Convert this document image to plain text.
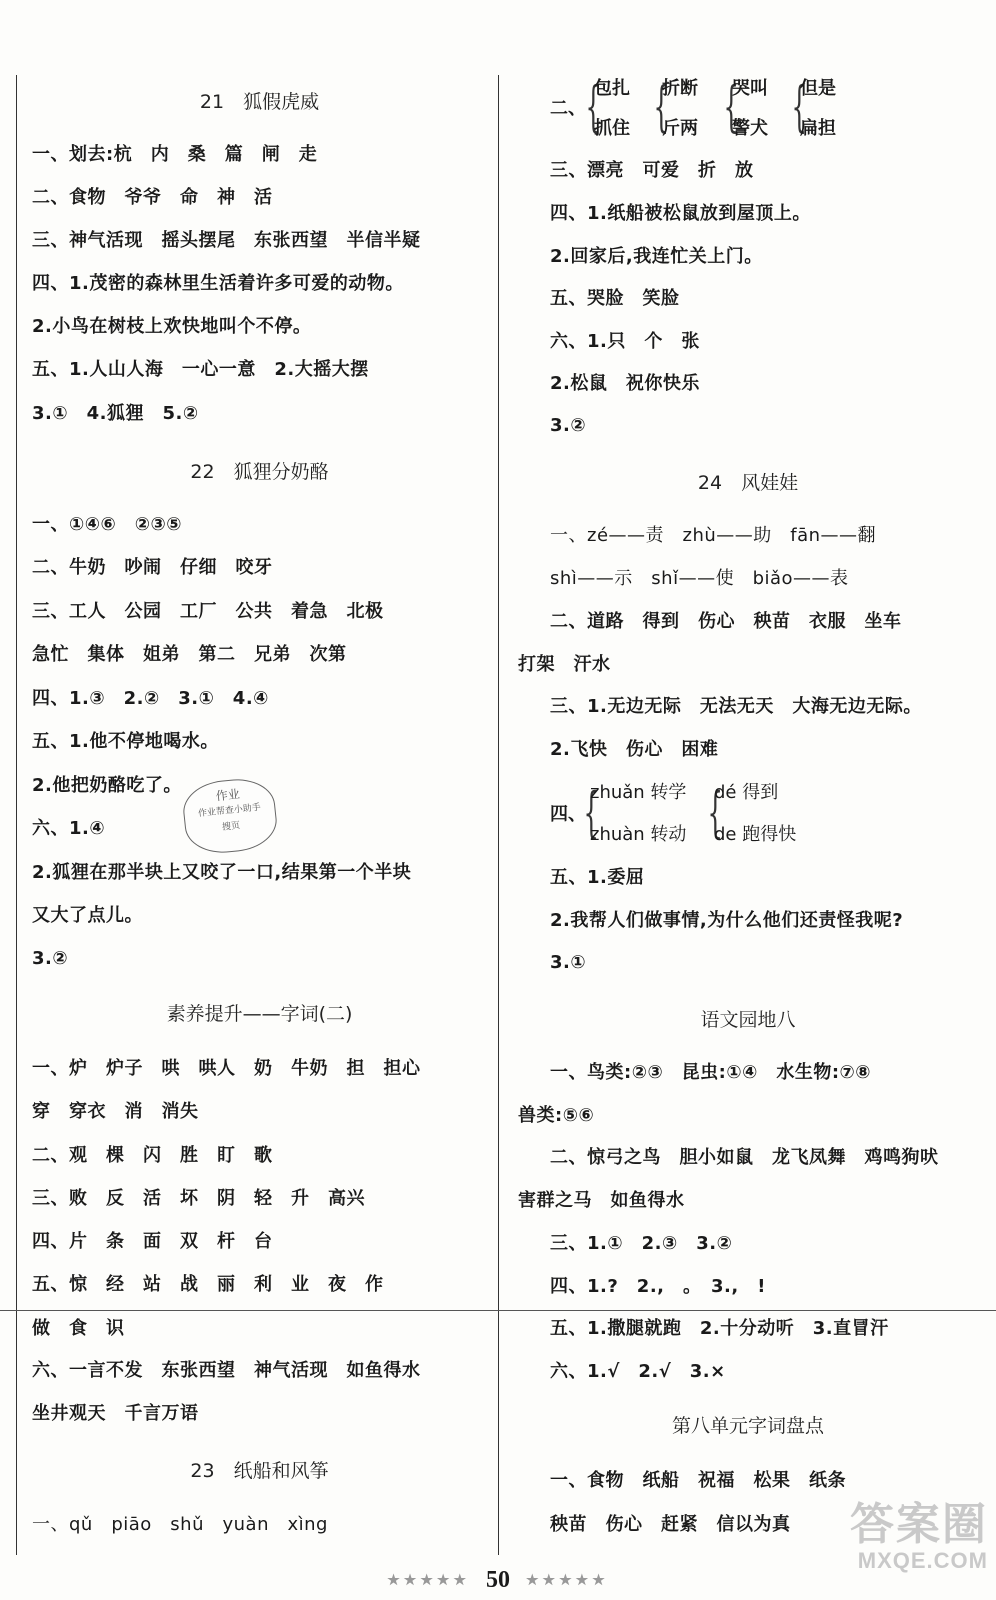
21　狐假虎威
一、划去:杭　内　桑　篇　闸　走
二、食物　爷爷　命　神　活
三、神气活现　摇头摆尾　东张西望　半信半疑
四、1.茂密的森林里生活着许多可爱的动物。
2.小鸟在树枝上欢快地叫个不停。
五、1.人山人海　一心一意　2.大摇大摆
3.①　4.狐狸　5.②
22　狐狸分奶酪
一、①④⑥　②③⑤
二、牛奶　吵闹　仔细　咬牙
三、工人　公园　工厂　公共　着急　北极
急忙　集体　姐弟　第二　兄弟　次第
四、1.③　2.②　3.①　4.④
五、1.他不停地喝水。
2.他把奶酪吃了。
六、1.④
2.狐狸在那半块上又咬了一口,结果第一个半块
又大了点儿。
3.②
素养提升——字词(二)
一、炉　炉子　哄　哄人　奶　牛奶　担　担心
穿　穿衣　消　消失
二、观　棵　闪　胜　盯　歌
三、败　反　活　坏　阴　轻　升　高兴
四、片　条　面　双　杆　台
五、惊　经　站　战　丽　利　业　夜　作
做　食　识
六、一言不发　东张西望　神气活现　如鱼得水
坐井观天　千言万语
23　纸船和风筝
一、qǔ　piāo　shǔ　yuàn　xìng
作业
作业帮查小助手
搜页
二、 {
包扎
抓住 {
折断
斤两 {
哭叫
警犬 {
但是
扁担
三、漂亮　可爱　折　放
四、1.纸船被松鼠放到屋顶上。
2.回家后,我连忙关上门。
五、哭脸　笑脸
六、1.只　个　张
2.松鼠　祝你快乐
3.②
24　风娃娃
一、zé——责　zhù——助　fān——翻
shì——示　shǐ——使　biǎo——表
二、道路　得到　伤心　秧苗　衣服　坐车
打架　汗水
三、1.无边无际　无法无天　大海无边无际。
2.飞快　伤心　困难
四、
{
zhuǎn 转学
zhuàn 转动 {
dé 得到
de 跑得快
五、1.委屈
2.我帮人们做事情,为什么他们还责怪我呢?
3.①
语文园地八
一、鸟类:②③　昆虫:①④　水生物:⑦⑧
兽类:⑤⑥
二、惊弓之鸟　胆小如鼠　龙飞凤舞　鸡鸣狗吠
害群之马　如鱼得水
三、1.①　2.③　3.②
四、1.?　2.,　。　3.,　!
五、1.撒腿就跑　2.十分动听　3.直冒汗
六、1.√　2.√　3.×
第八单元字词盘点
一、食物　纸船　祝福　松果　纸条
秧苗　伤心　赶紧　信以为真
★★★★★ 50 ★★★★★
答案圈
MXQE.COM
